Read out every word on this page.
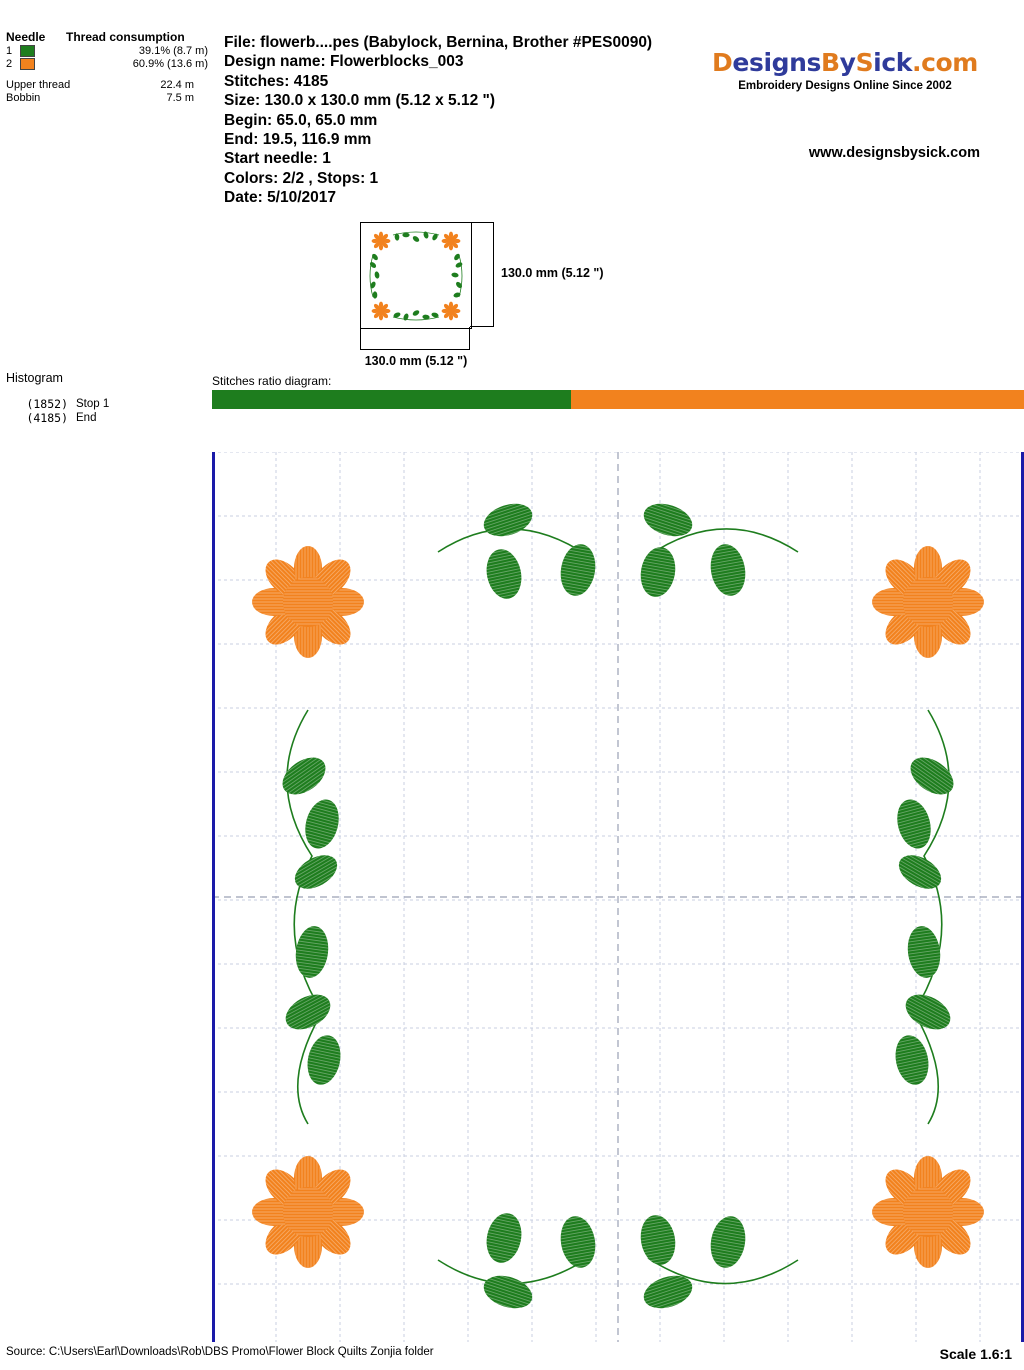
Needle	Thread consumption
1	39.1% (8.7 m)
2	60.9% (13.6 m)
Upper thread	22.4 m
Bobbin	7.5 m
File: flowerb....pes (Babylock, Bernina, Brother #PES0090)
Design name: Flowerblocks_003
Stitches: 4185
Size: 130.0 x 130.0 mm (5.12 x 5.12 ")
Begin: 65.0, 65.0 mm
End: 19.5, 116.9 mm
Start needle: 1
Colors: 2/2 , Stops: 1
Date: 5/10/2017
DesignsBySick.com
Embroidery Designs Online Since 2002
www.designsbysick.com
130.0 mm (5.12 ")
130.0 mm (5.12 ")
Histogram
(1852) Stop 1
(4185) End
Stitches ratio diagram:
Source: C:\Users\Earl\Downloads\Rob\DBS Promo\Flower Block Quilts Zonjia folder	Scale 1.6:1
